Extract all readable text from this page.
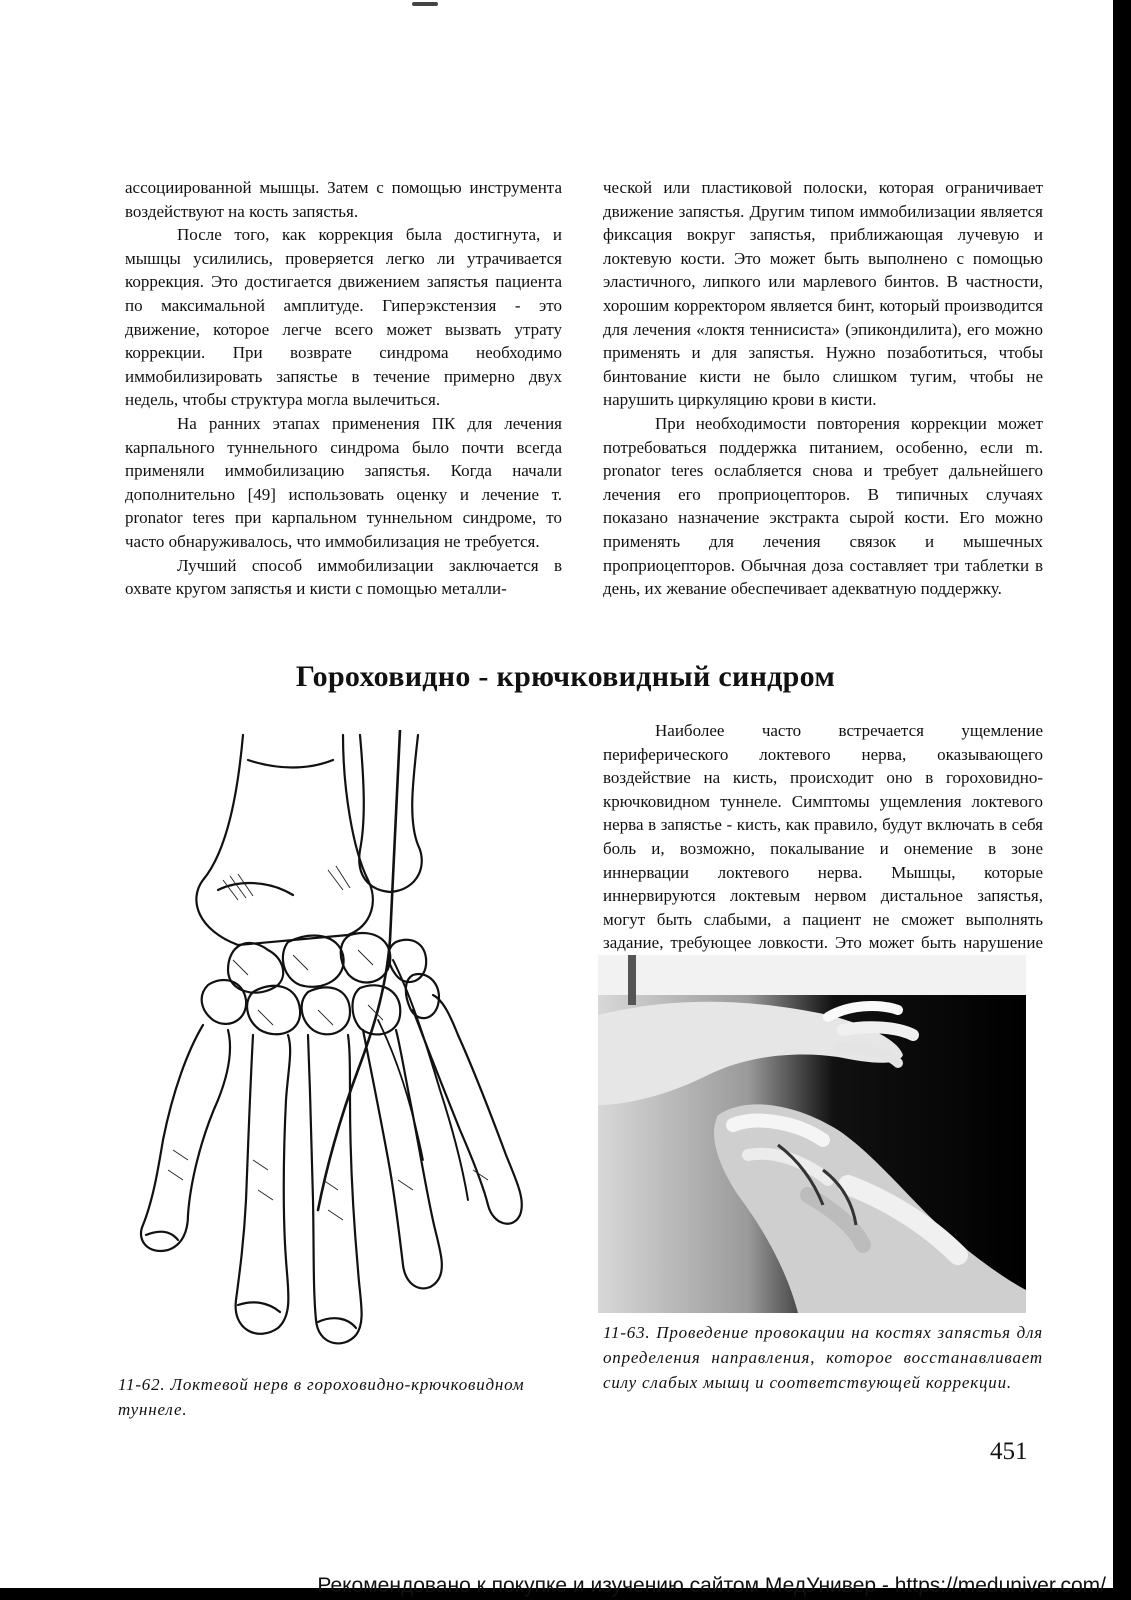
ассоциированной мышцы. Затем с помощью инструмента воздействуют на кость запястья.

После того, как коррекция была достигнута, и мышцы усилились, проверяется легко ли утрачивается коррекция. Это достигается движением запястья пациента по максимальной амплитуде. Гиперэкстензия - это движение, которое легче всего может вызвать утрату коррекции. При возврате синдрома необходимо иммобилизировать запястье в течение примерно двух недель, чтобы структура могла вылечиться.

На ранних этапах применения ПК для лечения карпального туннельного синдрома было почти всегда применяли иммобилизацию запястья. Когда начали дополнительно [49] использовать оценку и лечение т. pronator teres при карпальном туннельном синдроме, то часто обнаруживалось, что иммобилизация не требуется.

Лучший способ иммобилизации заключается в охвате кругом запястья и кисти с помощью металли-

ческой или пластиковой полоски, которая ограничивает движение запястья. Другим типом иммобилизации является фиксация вокруг запястья, приближающая лучевую и локтевую кости. Это может быть выполнено с помощью эластичного, липкого или марлевого бинтов. В частности, хорошим корректором является бинт, который производится для лечения «локтя теннисиста» (эпикондилита), его можно применять и для запястья. Нужно позаботиться, чтобы бинтование кисти не было слишком тугим, чтобы не нарушить циркуляцию крови в кисти.

При необходимости повторения коррекции может потребоваться поддержка питанием, особенно, если m. pronator teres ослабляется снова и требует дальнейшего лечения его проприоцепторов. В типичных случаях показано назначение экстракта сырой кости. Его можно применять для лечения связок и мышечных проприоцепторов. Обычная доза составляет три таблетки в день, их жевание обеспечивает адекватную поддержку.

Гороховидно - крючковидный синдром

Наиболее часто встречается ущемление периферического локтевого нерва, оказывающего воздействие на кисть, происходит оно в гороховидно-крючковидном туннеле. Симптомы ущемления локтевого нерва в запястье - кисть, как правило, будут включать в себя боль и, возможно, покалывание и онемение в зоне иннервации локтевого нерва. Мышцы, которые иннервируются локтевым нервом дистальное запястья, могут быть слабыми, а пациент не сможет выполнять задание, требующее ловкости. Это может быть нарушение

11-62. Локтевой нерв в гороховидно-крючковидном туннеле.
11-63. Проведение провокации на костях запястья для определения направления, которое восстанавливает силу слабых мышц и соответствующей коррекции.
451
Рекомендовано к покупке и изучению сайтом МедУнивер - https://meduniver.com/
